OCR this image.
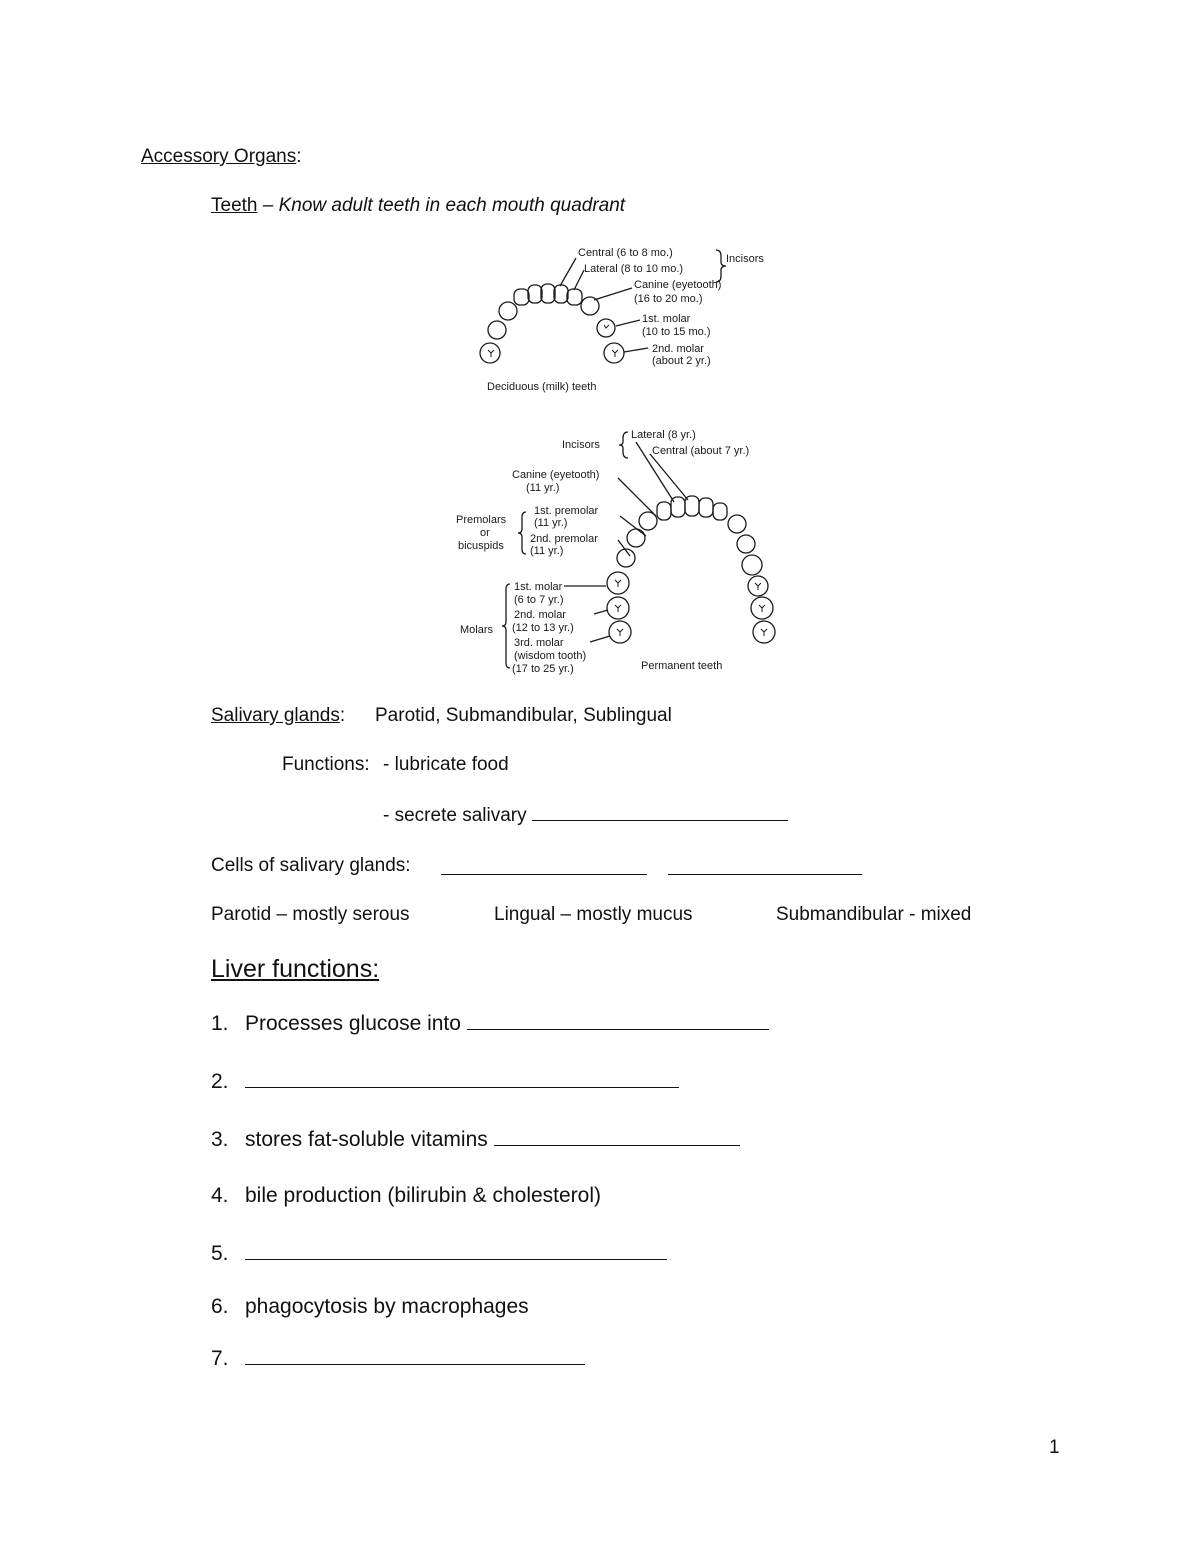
Accessory Organs:
Teeth – Know adult teeth in each mouth quadrant
Central (6 to 8 mo.)
Lateral (8 to 10 mo.)
Incisors
Canine (eyetooth)
(16 to 20 mo.)
1st. molar
(10 to 15 mo.)
2nd. molar
(about 2 yr.)
Deciduous (milk) teeth
Incisors
Lateral (8 yr.)
Central (about 7 yr.)
Canine (eyetooth)
(11 yr.)
Premolars
or
bicuspids
1st. premolar
(11 yr.)
2nd. premolar
(11 yr.)
Molars
1st. molar
(6 to 7 yr.)
2nd. molar
(12 to 13 yr.)
3rd. molar
(wisdom tooth)
(17 to 25 yr.)	Permanent teeth
Salivary glands: Parotid, Submandibular, Sublingual
Functions: - lubricate food
- secrete salivary
Cells of salivary glands:
Parotid – mostly serous	Lingual – mostly mucus	Submandibular - mixed
Liver functions:
1. Processes glucose into
2.
3. stores fat-soluble vitamins
4. bile production (bilirubin & cholesterol)
5.
6. phagocytosis by macrophages
7.
1
